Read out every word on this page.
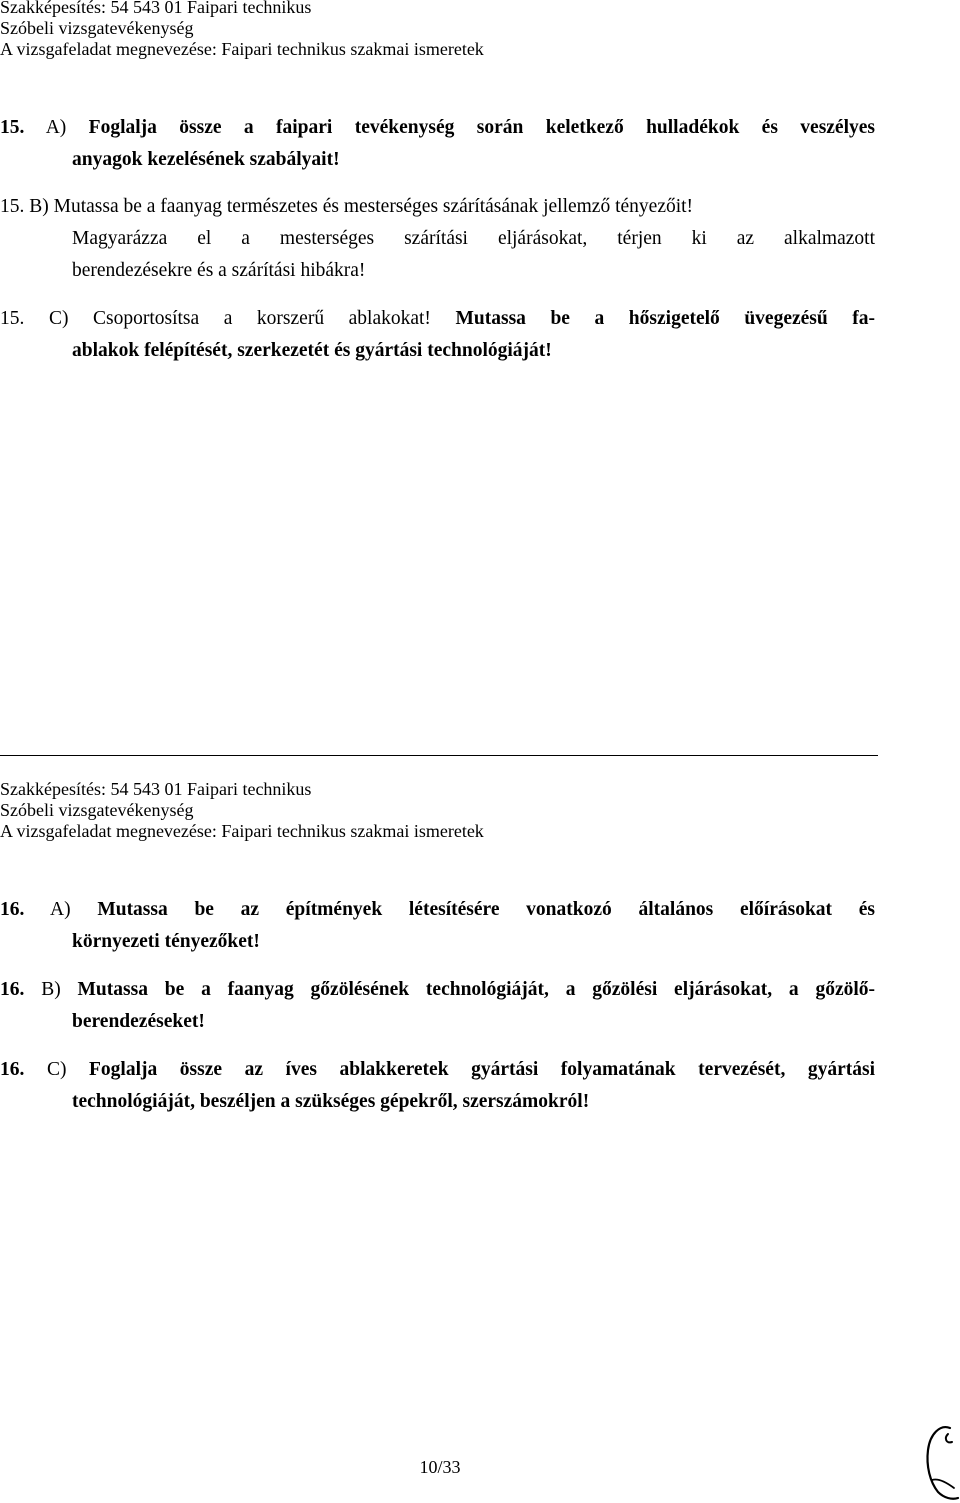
Szakképesítés: 54 543 01 Faipari technikus
Szóbeli vizsgatevékenység
A vizsgafeladat megnevezése: Faipari technikus szakmai ismeretek
15. A) Foglalja össze a faipari tevékenység során keletkező hulladékok és veszélyes
anyagok kezelésének szabályait!
15. B) Mutassa be a faanyag természetes és mesterséges szárításának jellemző tényezőit!
Magyarázza el a mesterséges szárítási eljárásokat, térjen ki az alkalmazott
berendezésekre és a szárítási hibákra!
15. C) Csoportosítsa a korszerű ablakokat! Mutassa be a hőszigetelő üvegezésű fa-
ablakok felépítését, szerkezetét és gyártási technológiáját!
Szakképesítés: 54 543 01 Faipari technikus
Szóbeli vizsgatevékenység
A vizsgafeladat megnevezése: Faipari technikus szakmai ismeretek
16. A) Mutassa be az építmények létesítésére vonatkozó általános előírásokat és
környezeti tényezőket!
16. B) Mutassa be a faanyag gőzölésének technológiáját, a gőzölési eljárásokat, a gőzölő-
berendezéseket!
16. C) Foglalja össze az íves ablakkeretek gyártási folyamatának tervezését, gyártási
technológiáját, beszéljen a szükséges gépekről, szerszámokról!
10/33
